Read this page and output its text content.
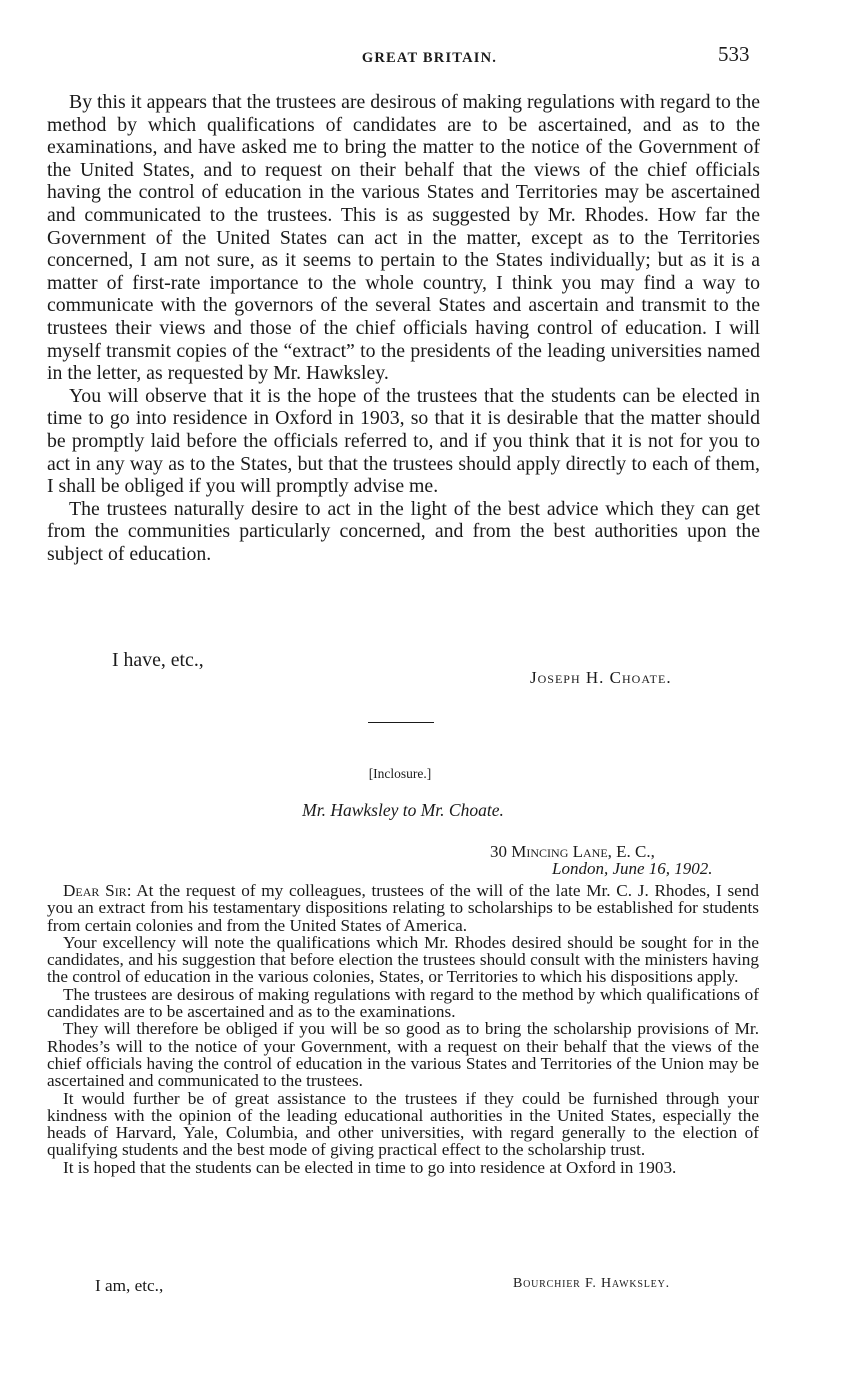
GREAT BRITAIN.	533

By this it appears that the trustees are desirous of making regulations with regard to the method by which qualifications of candidates are to be ascertained, and as to the examinations, and have asked me to bring the matter to the notice of the Government of the United States, and to request on their behalf that the views of the chief officials having the control of education in the various States and Territories may be ascertained and communicated to the trustees. This is as suggested by Mr. Rhodes. How far the Government of the United States can act in the matter, except as to the Territories concerned, I am not sure, as it seems to pertain to the States individually; but as it is a matter of first-rate importance to the whole country, I think you may find a way to communicate with the governors of the several States and ascertain and transmit to the trustees their views and those of the chief officials having control of education. I will myself transmit copies of the “extract” to the presidents of the leading universities named in the letter, as requested by Mr. Hawksley.

You will observe that it is the hope of the trustees that the students can be elected in time to go into residence in Oxford in 1903, so that it is desirable that the matter should be promptly laid before the officials referred to, and if you think that it is not for you to act in any way as to the States, but that the trustees should apply directly to each of them, I shall be obliged if you will promptly advise me.

The trustees naturally desire to act in the light of the best advice which they can get from the communities particularly concerned, and from the best authorities upon the subject of education.

I have, etc.,
Joseph H. Choate.
[Inclosure.]
Mr. Hawksley to Mr. Choate.
30 Mincing Lane, E. C.,
London, June 16, 1902.

Dear Sir: At the request of my colleagues, trustees of the will of the late Mr. C. J. Rhodes, I send you an extract from his testamentary dispositions relating to scholarships to be established for students from certain colonies and from the United States of America.

Your excellency will note the qualifications which Mr. Rhodes desired should be sought for in the candidates, and his suggestion that before election the trustees should consult with the ministers having the control of education in the various colonies, States, or Territories to which his dispositions apply.

The trustees are desirous of making regulations with regard to the method by which qualifications of candidates are to be ascertained and as to the examinations.

They will therefore be obliged if you will be so good as to bring the scholarship provisions of Mr. Rhodes’s will to the notice of your Government, with a request on their behalf that the views of the chief officials having the control of education in the various States and Territories of the Union may be ascertained and communicated to the trustees.

It would further be of great assistance to the trustees if they could be furnished through your kindness with the opinion of the leading educational authorities in the United States, especially the heads of Harvard, Yale, Columbia, and other universities, with regard generally to the election of qualifying students and the best mode of giving practical effect to the scholarship trust.

It is hoped that the students can be elected in time to go into residence at Oxford in 1903.

I am, etc.,	Bourchier F. Hawksley.
